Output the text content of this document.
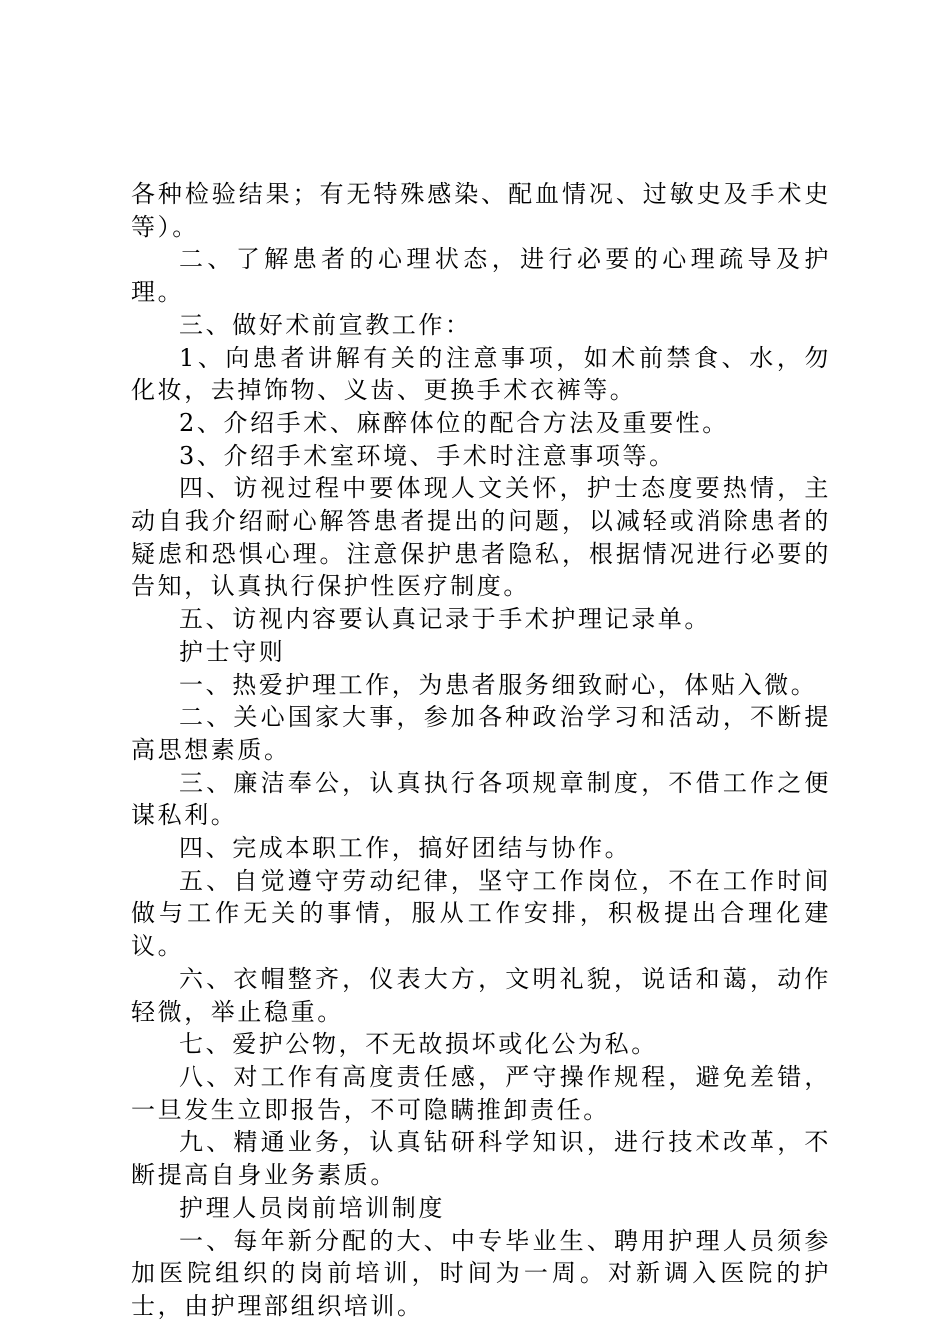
各种检验结果；有无特殊感染、配血情况、过敏史及手术史等）。

二、了解患者的心理状态，进行必要的心理疏导及护理。

三、做好术前宣教工作：

1、向患者讲解有关的注意事项，如术前禁食、水，勿化妆，去掉饰物、义齿、更换手术衣裤等。

2、介绍手术、麻醉体位的配合方法及重要性。

3、介绍手术室环境、手术时注意事项等。

四、访视过程中要体现人文关怀，护士态度要热情，主动自我介绍耐心解答患者提出的问题，以减轻或消除患者的疑虑和恐惧心理。注意保护患者隐私，根据情况进行必要的告知，认真执行保护性医疗制度。

五、访视内容要认真记录于手术护理记录单。

护士守则

一、热爱护理工作，为患者服务细致耐心，体贴入微。

二、关心国家大事，参加各种政治学习和活动，不断提高思想素质。

三、廉洁奉公，认真执行各项规章制度，不借工作之便谋私利。

四、完成本职工作，搞好团结与协作。

五、自觉遵守劳动纪律，坚守工作岗位，不在工作时间做与工作无关的事情，服从工作安排，积极提出合理化建议。

六、衣帽整齐，仪表大方，文明礼貌，说话和蔼，动作轻微，举止稳重。

七、爱护公物，不无故损坏或化公为私。

八、对工作有高度责任感，严守操作规程，避免差错，一旦发生立即报告，不可隐瞒推卸责任。

九、精通业务，认真钻研科学知识，进行技术改革，不断提高自身业务素质。

护理人员岗前培训制度

一、每年新分配的大、中专毕业生、聘用护理人员须参加医院组织的岗前培训，时间为一周。对新调入医院的护士，由护理部组织培训。
